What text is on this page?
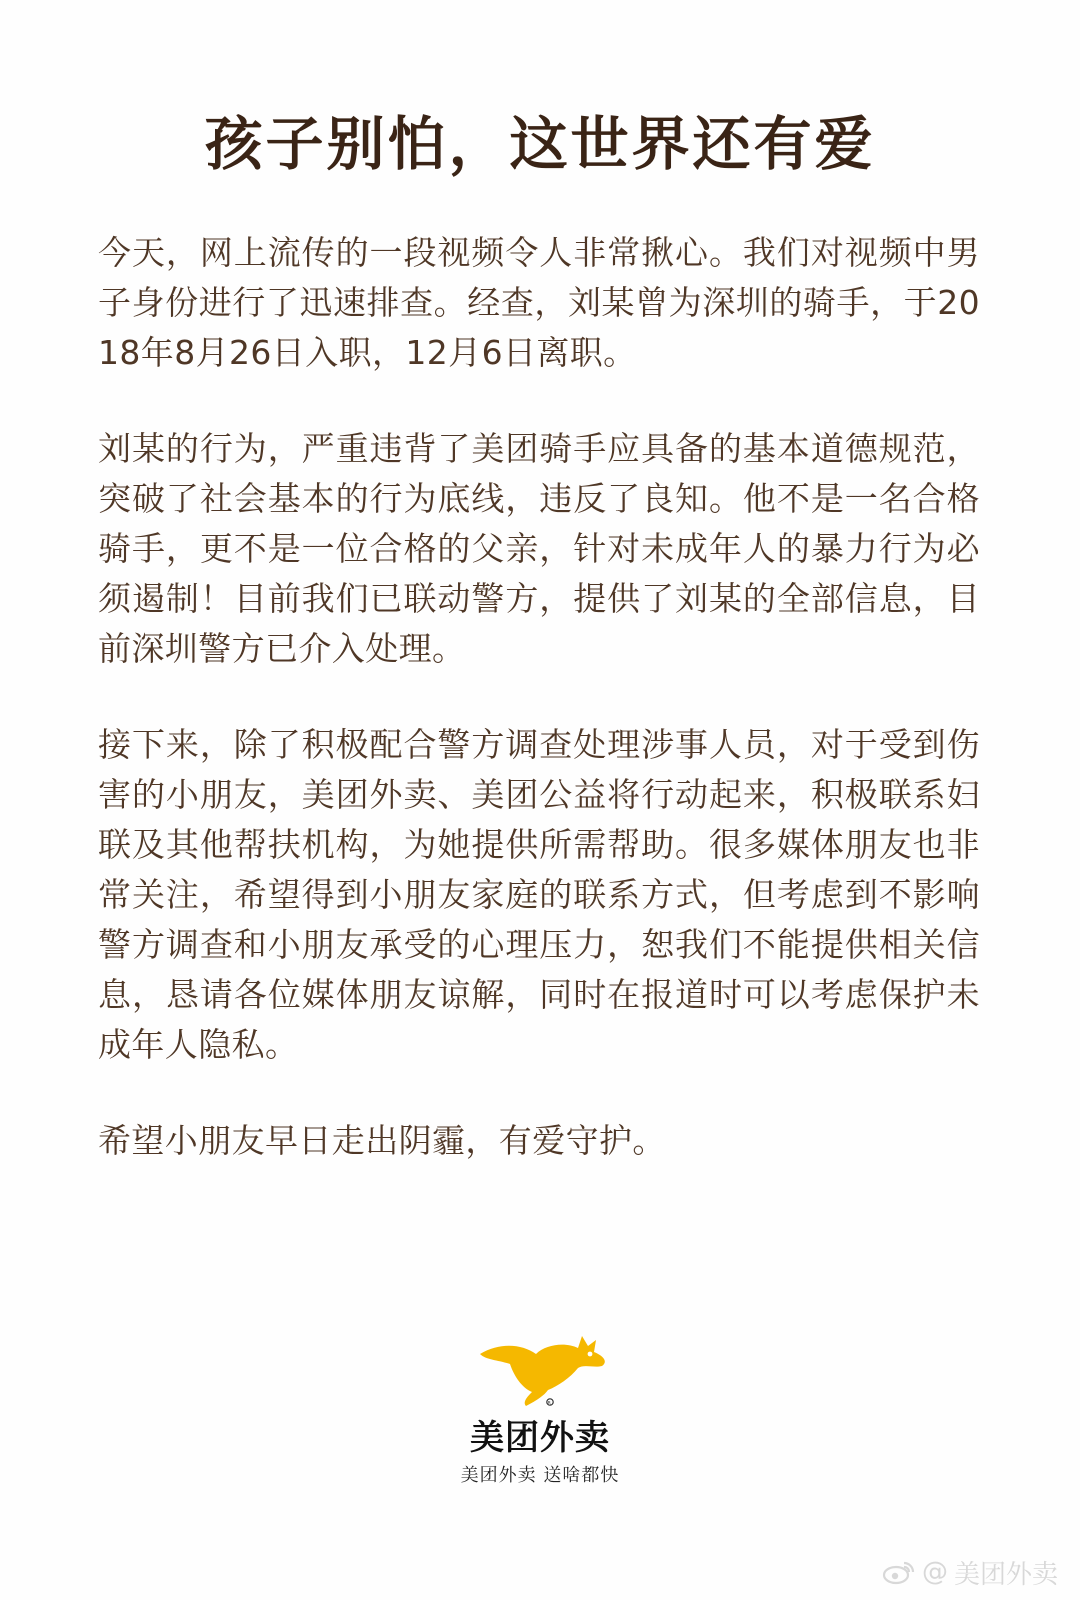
孩子别怕，这世界还有爱

今天，网上流传的一段视频令人非常揪心。我们对视频中男子身份进行了迅速排查。经查，刘某曾为深圳的骑手，于2018年8月26日入职，12月6日离职。

刘某的行为，严重违背了美团骑手应具备的基本道德规范，突破了社会基本的行为底线，违反了良知。他不是一名合格骑手，更不是一位合格的父亲，针对未成年人的暴力行为必须遏制！目前我们已联动警方，提供了刘某的全部信息，目前深圳警方已介入处理。

接下来，除了积极配合警方调查处理涉事人员，对于受到伤害的小朋友，美团外卖、美团公益将行动起来，积极联系妇联及其他帮扶机构，为她提供所需帮助。很多媒体朋友也非常关注，希望得到小朋友家庭的联系方式，但考虑到不影响警方调查和小朋友承受的心理压力，恕我们不能提供相关信息，恳请各位媒体朋友谅解，同时在报道时可以考虑保护未成年人隐私。

希望小朋友早日走出阴霾，有爱守护。

R
美团外卖
美团外卖 送啥都快
@ 美团外卖
